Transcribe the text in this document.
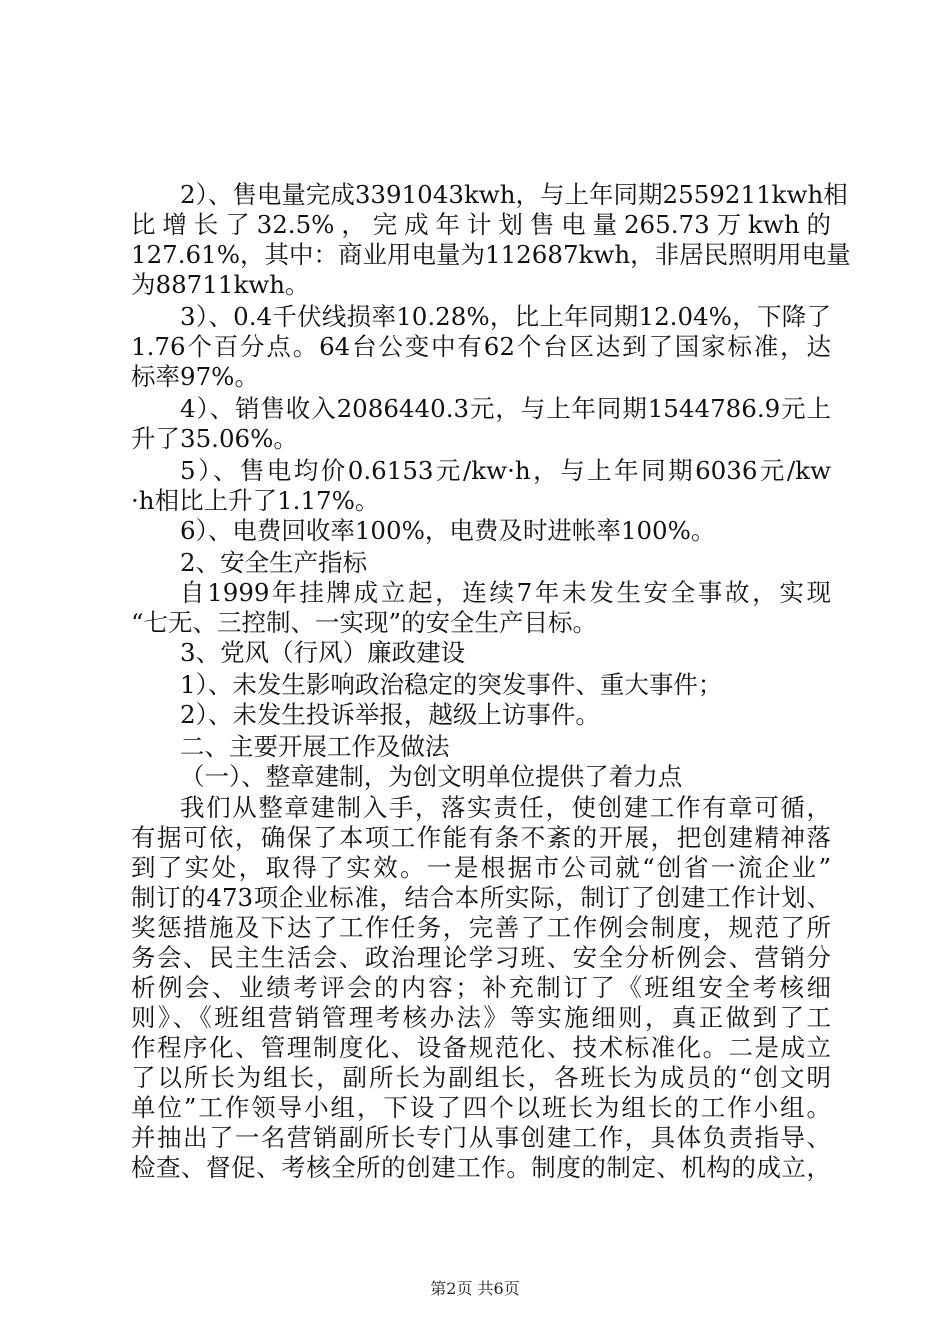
2）、售电量完成3391043kwh，与上年同期2559211kwh相
比增长了32.5%，完成年计划售电量265.73万kwh的
127.61%，其中：商业用电量为112687kwh，非居民照明用电量
为88711kwh。
3）、0.4千伏线损率10.28%，比上年同期12.04%，下降了
1.76个百分点。64台公变中有62个台区达到了国家标准，达
标率97%。
4）、销售收入2086440.3元，与上年同期1544786.9元上
升了35.06%。
5）、售电均价0.6153元/kw·h，与上年同期6036元/kw
·h相比上升了1.17%。
6）、电费回收率100%，电费及时进帐率100%。
2、安全生产指标
自1999年挂牌成立起，连续7年未发生安全事故，实现
“七无、三控制、一实现”的安全生产目标。
3、党风（行风）廉政建设
1）、未发生影响政治稳定的突发事件、重大事件；
2）、未发生投诉举报，越级上访事件。
二、主要开展工作及做法
（一）、整章建制，为创文明单位提供了着力点
我们从整章建制入手，落实责任，使创建工作有章可循，
有据可依，确保了本项工作能有条不紊的开展，把创建精神落
到了实处，取得了实效。一是根据市公司就“创省一流企业”
制订的473项企业标准，结合本所实际，制订了创建工作计划、
奖惩措施及下达了工作任务，完善了工作例会制度，规范了所
务会、民主生活会、政治理论学习班、安全分析例会、营销分
析例会、业绩考评会的内容；补充制订了《班组安全考核细
则》、《班组营销管理考核办法》等实施细则，真正做到了工
作程序化、管理制度化、设备规范化、技术标准化。二是成立
了以所长为组长，副所长为副组长，各班长为成员的“创文明
单位”工作领导小组，下设了四个以班长为组长的工作小组。
并抽出了一名营销副所长专门从事创建工作，具体负责指导、
检查、督促、考核全所的创建工作。制度的制定、机构的成立，
第2页 共6页
